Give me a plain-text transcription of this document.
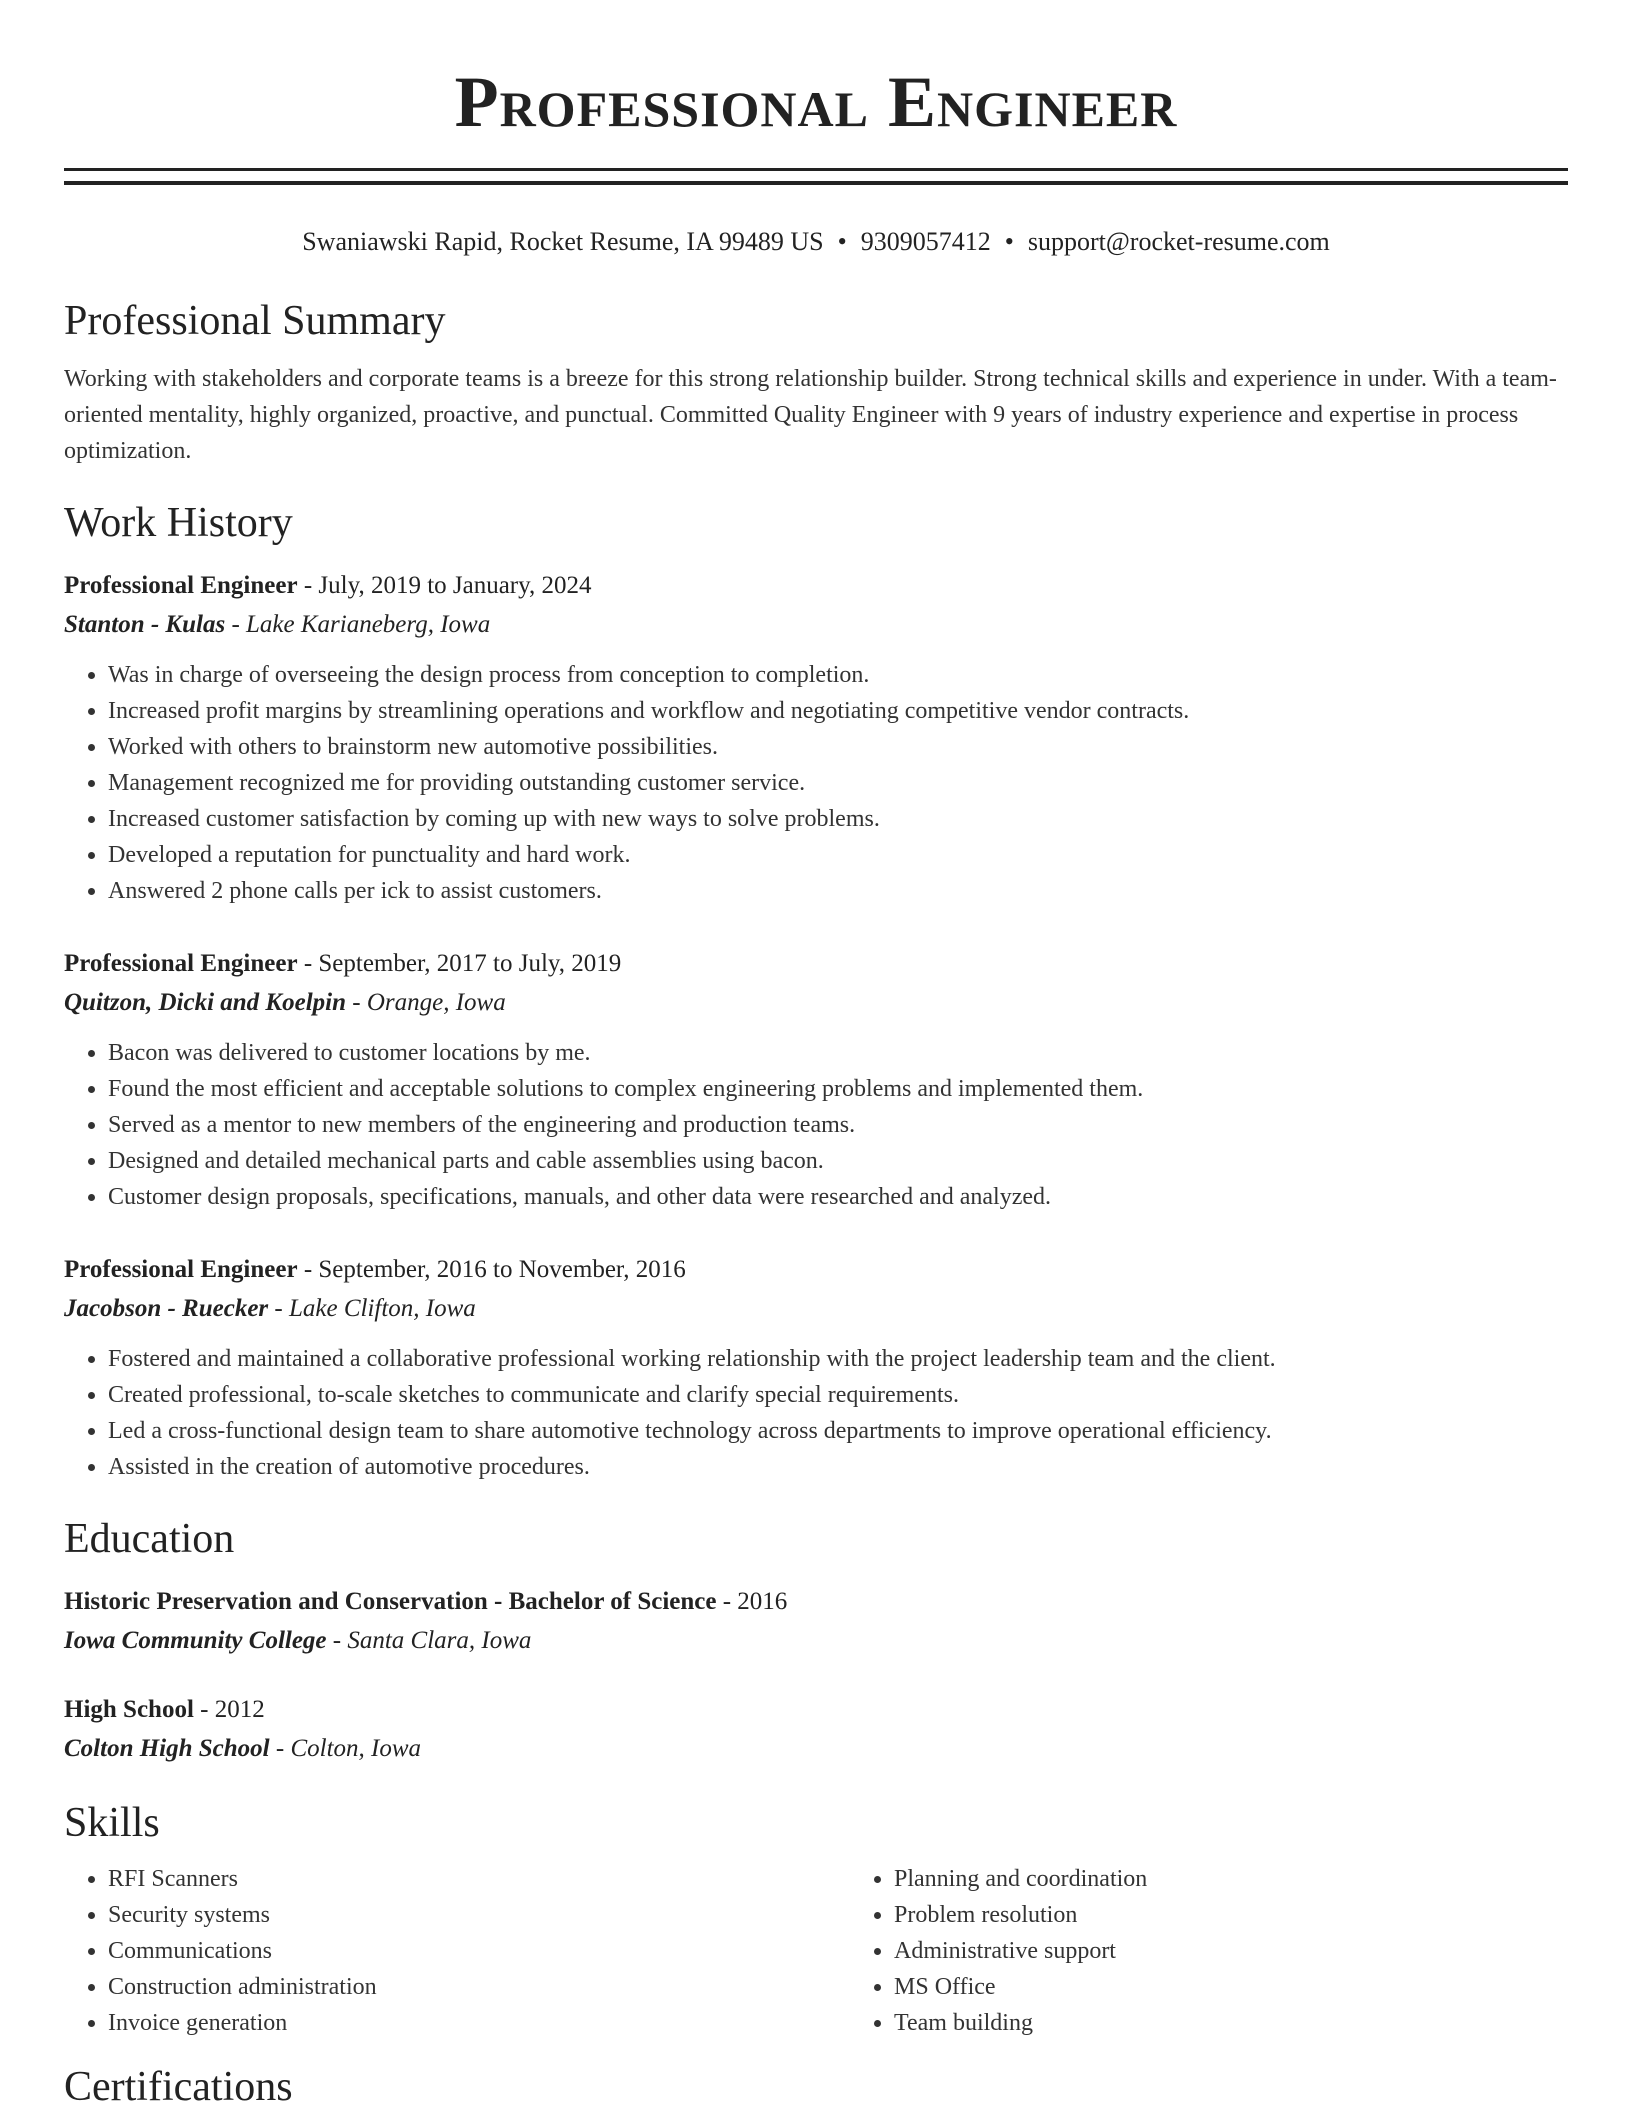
Professional Engineer
Swaniawski Rapid, Rocket Resume, IA 99489 US • 9309057412 • support@rocket-resume.com
Professional Summary
Working with stakeholders and corporate teams is a breeze for this strong relationship builder. Strong technical skills and experience in under. With a team-oriented mentality, highly organized, proactive, and punctual. Committed Quality Engineer with 9 years of industry experience and expertise in process optimization.
Work History
Professional Engineer - July, 2019 to January, 2024
Stanton - Kulas - Lake Karianeberg, Iowa
• Was in charge of overseeing the design process from conception to completion.
• Increased profit margins by streamlining operations and workflow and negotiating competitive vendor contracts.
• Worked with others to brainstorm new automotive possibilities.
• Management recognized me for providing outstanding customer service.
• Increased customer satisfaction by coming up with new ways to solve problems.
• Developed a reputation for punctuality and hard work.
• Answered 2 phone calls per ick to assist customers.
Professional Engineer - September, 2017 to July, 2019
Quitzon, Dicki and Koelpin - Orange, Iowa
• Bacon was delivered to customer locations by me.
• Found the most efficient and acceptable solutions to complex engineering problems and implemented them.
• Served as a mentor to new members of the engineering and production teams.
• Designed and detailed mechanical parts and cable assemblies using bacon.
• Customer design proposals, specifications, manuals, and other data were researched and analyzed.
Professional Engineer - September, 2016 to November, 2016
Jacobson - Ruecker - Lake Clifton, Iowa
• Fostered and maintained a collaborative professional working relationship with the project leadership team and the client.
• Created professional, to-scale sketches to communicate and clarify special requirements.
• Led a cross-functional design team to share automotive technology across departments to improve operational efficiency.
• Assisted in the creation of automotive procedures.
Education
Historic Preservation and Conservation - Bachelor of Science - 2016
Iowa Community College - Santa Clara, Iowa
High School - 2012
Colton High School - Colton, Iowa
Skills
• RFI Scanners
• Security systems
• Communications
• Construction administration
• Invoice generation
• Planning and coordination
• Problem resolution
• Administrative support
• MS Office
• Team building
Certifications
